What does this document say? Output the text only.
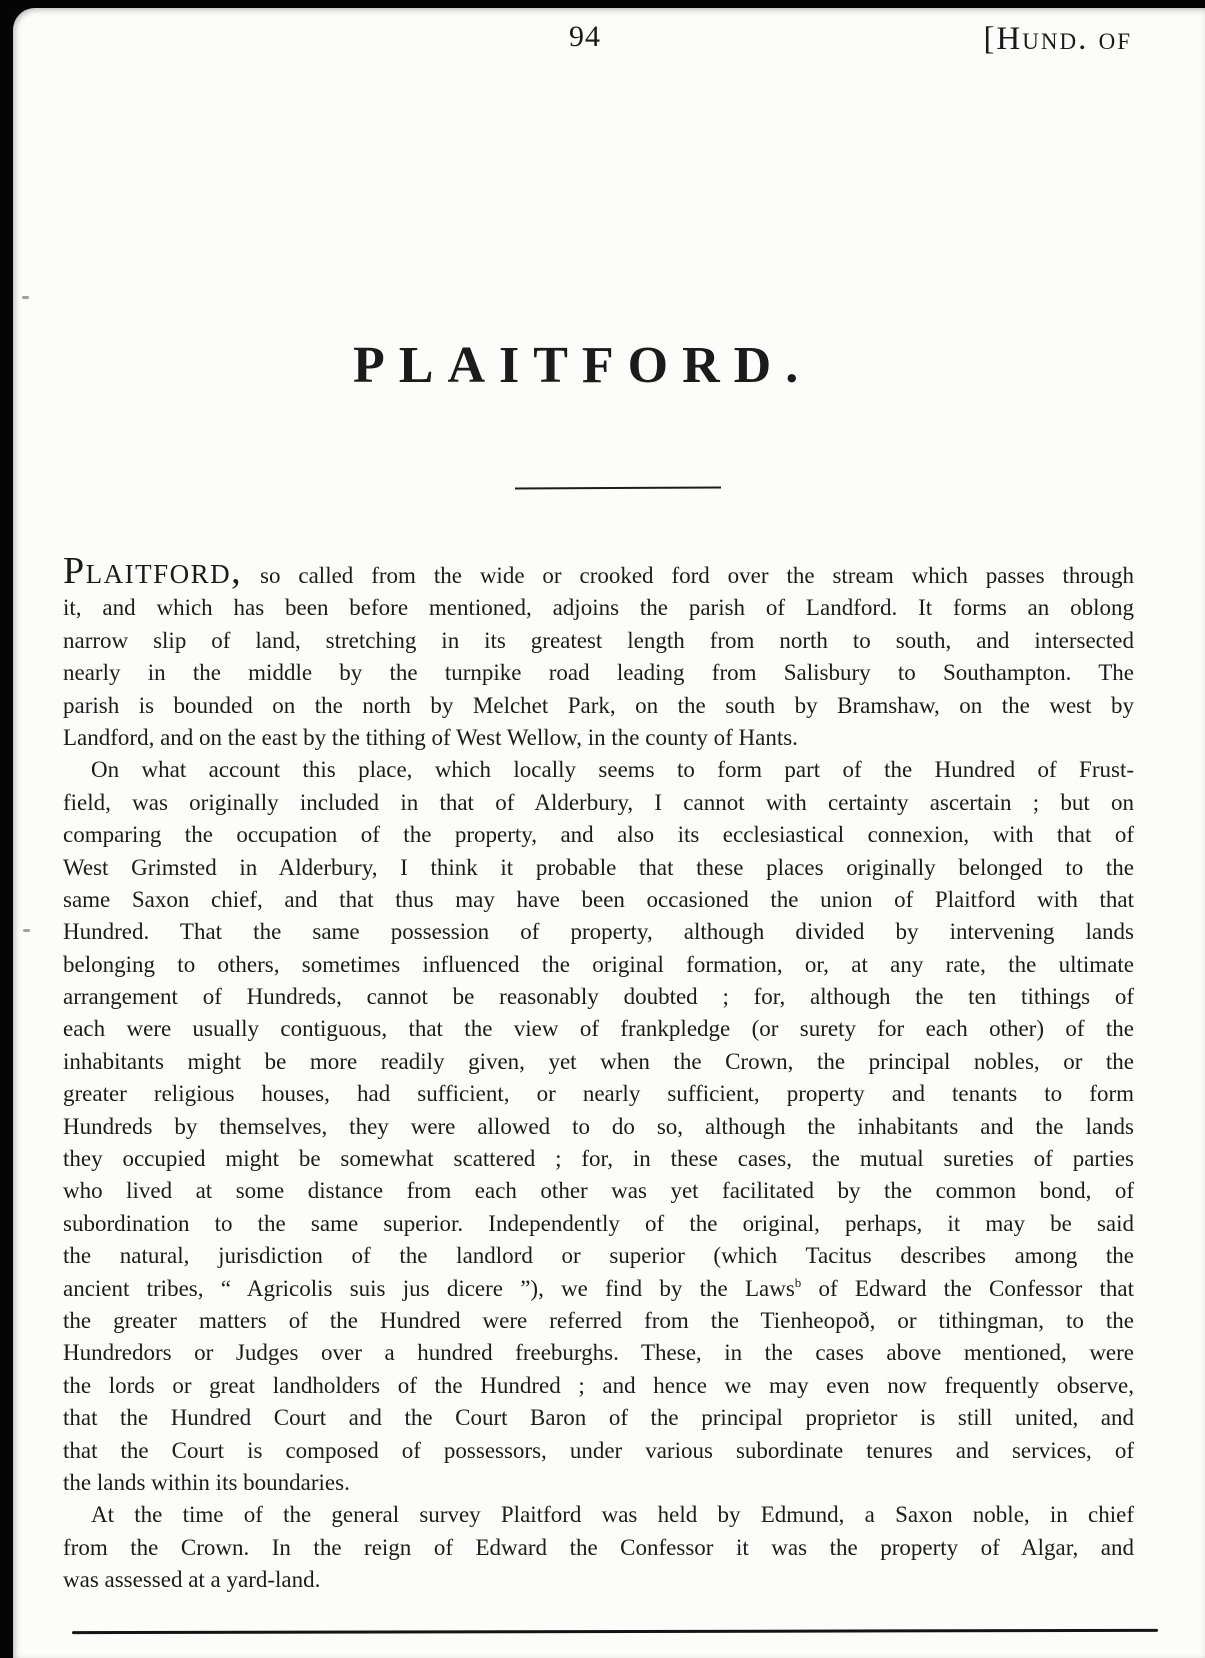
94	[Hund. of
PLAITFORD.
Plaitford, so called from the wide or crooked ford over the stream which passes through
it, and which has been before mentioned, adjoins the parish of Landford. It forms an oblong
narrow slip of land, stretching in its greatest length from north to south, and intersected
nearly in the middle by the turnpike road leading from Salisbury to Southampton. The
parish is bounded on the north by Melchet Park, on the south by Bramshaw, on the west by
Landford, and on the east by the tithing of West Wellow, in the county of Hants.
On what account this place, which locally seems to form part of the Hundred of Frust-
field, was originally included in that of Alderbury, I cannot with certainty ascertain ; but on
comparing the occupation of the property, and also its ecclesiastical connexion, with that of
West Grimsted in Alderbury, I think it probable that these places originally belonged to the
same Saxon chief, and that thus may have been occasioned the union of Plaitford with that
Hundred. That the same possession of property, although divided by intervening lands
belonging to others, sometimes influenced the original formation, or, at any rate, the ultimate
arrangement of Hundreds, cannot be reasonably doubted ; for, although the ten tithings of
each were usually contiguous, that the view of frankpledge (or surety for each other) of the
inhabitants might be more readily given, yet when the Crown, the principal nobles, or the
greater religious houses, had sufficient, or nearly sufficient, property and tenants to form
Hundreds by themselves, they were allowed to do so, although the inhabitants and the lands
they occupied might be somewhat scattered ; for, in these cases, the mutual sureties of parties
who lived at some distance from each other was yet facilitated by the common bond, of
subordination to the same superior. Independently of the original, perhaps, it may be said
the natural, jurisdiction of the landlord or superior (which Tacitus describes among the
ancient tribes, “ Agricolis suis jus dicere ”), we find by the Laws$^b$ of Edward the Confessor that
the greater matters of the Hundred were referred from the Tienheopoð, or tithingman, to the
Hundredors or Judges over a hundred freeburghs. These, in the cases above mentioned, were
the lords or great landholders of the Hundred ; and hence we may even now frequently observe,
that the Hundred Court and the Court Baron of the principal proprietor is still united, and
that the Court is composed of possessors, under various subordinate tenures and services, of
the lands within its boundaries.
At the time of the general survey Plaitford was held by Edmund, a Saxon noble, in chief
from the Crown. In the reign of Edward the Confessor it was the property of Algar, and
was assessed at a yard-land.
